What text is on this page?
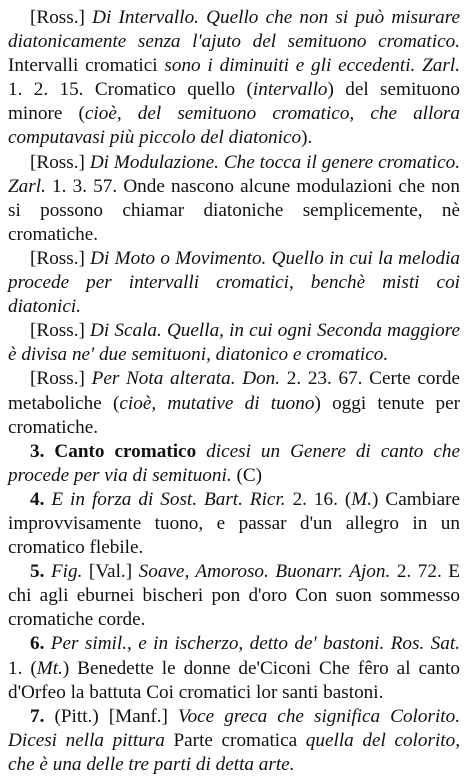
[Ross.] Di Intervallo. Quello che non si può misurare diatonicamente senza l'ajuto del semituono cromatico. Intervalli cromatici sono i diminuiti e gli eccedenti. Zarl. 1. 2. 15. Cromatico quello (intervallo) del semituono minore (cioè, del semituono cromatico, che allora computavasi più piccolo del diatonico).

[Ross.] Di Modulazione. Che tocca il genere cromatico. Zarl. 1. 3. 57. Onde nascono alcune modulazioni che non si possono chiamar diatoniche semplicemente, nè cromatiche.

[Ross.] Di Moto o Movimento. Quello in cui la melodia procede per intervalli cromatici, benchè misti coi diatonici.

[Ross.] Di Scala. Quella, in cui ogni Seconda maggiore è divisa ne' due semituoni, diatonico e cromatico.

[Ross.] Per Nota alterata. Don. 2. 23. 67. Certe corde metaboliche (cioè, mutative di tuono) oggi tenute per cromatiche.

3. Canto cromatico dicesi un Genere di canto che procede per via di semituoni. (C)

4. E in forza di Sost. Bart. Ricr. 2. 16. (M.) Cambiare improvvisamente tuono, e passar d'un allegro in un cromatico flebile.

5. Fig. [Val.] Soave, Amoroso. Buonarr. Ajon. 2. 72. E chi agli eburnei bischeri pon d'oro Con suon sommesso cromatiche corde.

6. Per simil., e in ischerzo, detto de' bastoni. Ros. Sat. 1. (Mt.) Benedette le donne de'Ciconi Che fêro al canto d'Orfeo la battuta Coi cromatici lor santi bastoni.

7. (Pitt.) [Manf.] Voce greca che significa Colorito. Dicesi nella pittura Parte cromatica quella del colorito, che è una delle tre parti di detta arte.
